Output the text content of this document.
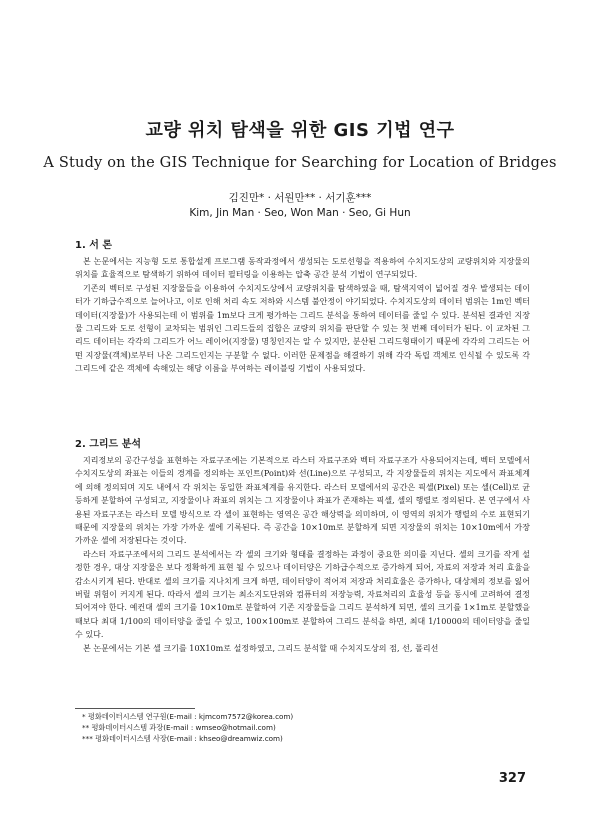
교량 위치 탐색을 위한 GIS 기법 연구
A Study on the GIS Technique for Searching for Location of Bridges
김진만* · 서원만** · 서기훈***
Kim, Jin Man · Seo, Won Man · Seo, Gi Hun
1. 서 론

본 논문에서는 지능형 도로 통합설계 프로그램 동작과정에서 생성되는 도로선형을 적용하여 수치지도상의 교량위치와 지장물의 위치를 효율적으로 탐색하기 위하여 데이터 필터링을 이용하는 압축 공간 분석 기법이 연구되었다.

기존의 벡터로 구성된 지장물들을 이용하여 수치지도상에서 교량위치를 탐색하였을 때, 탐색지역이 넓어질 경우 발생되는 데이터가 기하급수적으로 늘어나고, 이로 인해 처리 속도 저하와 시스템 불안정이 야기되었다. 수치지도상의 데이터 범위는 1m인 벡터 데이터(지장물)가 사용되는데 이 범위를 1m보다 크게 평가하는 그리드 분석을 통하여 데이터를 줄일 수 있다. 분석된 결과인 지장물 그리드와 도로 선형이 교차되는 범위인 그리드들의 집합은 교량의 위치를 판단할 수 있는 첫 번째 데이터가 된다. 이 교차된 그리드 데이터는 각각의 그리드가 어느 레이어(지장물) 명칭인지는 알 수 있지만, 분산된 그리드형태이기 때문에 각각의 그리드는 어떤 지장물(객체)로부터 나온 그리드인지는 구분할 수 없다. 이러한 문제점을 해결하기 위해 각각 독립 객체로 인식될 수 있도록 각 그리드에 같은 객체에 속해있는 해당 이름을 부여하는 레이블링 기법이 사용되었다.

2. 그리드 분석

지리정보의 공간구성을 표현하는 자료구조에는 기본적으로 라스터 자료구조와 벡터 자료구조가 사용되어지는데, 벡터 모델에서 수치지도상의 좌표는 이들의 경계를 정의하는 포인트(Point)와 선(Line)으로 구성되고, 각 지장물들의 위치는 지도에서 좌표체계에 의해 정의되며 지도 내에서 각 위치는 동일한 좌표체계를 유지한다. 라스터 모델에서의 공간은 픽셀(Pixel) 또는 셀(Cell)로 균등하게 분할하여 구성되고, 지장물이나 좌표의 위치는 그 지장물이나 좌표가 존재하는 픽셀, 셀의 행렬로 정의된다. 본 연구에서 사용된 자료구조는 라스터 모델 방식으로 각 셀이 표현하는 영역은 공간 해상력을 의미하며, 이 영역의 위치가 행렬의 수로 표현되기 때문에 지장물의 위치는 가장 가까운 셀에 기록된다. 즉 공간을 10×10m로 분할하게 되면 지장물의 위치는 10×10m에서 가장 가까운 셀에 저장된다는 것이다.

라스터 자료구조에서의 그리드 분석에서는 각 셀의 크기와 형태를 결정하는 과정이 중요한 의미를 지닌다. 셀의 크기를 작게 설정한 경우, 대상 지장물은 보다 정확하게 표현 될 수 있으나 데이터양은 기하급수적으로 증가하게 되어, 자료의 저장과 처리 효율을 감소시키게 된다. 반대로 셀의 크기를 지나치게 크게 하면, 데이터양이 적어져 저장과 처리효율은 증가하나, 대상체의 정보를 잃어버릴 위험이 커지게 된다. 따라서 셀의 크기는 최소지도단위와 컴퓨터의 저장능력, 자료처리의 효율성 등을 동시에 고려하여 결정되어져야 한다. 예컨대 셀의 크기를 10×10m로 분할하여 기존 지장물들을 그리드 분석하게 되면, 셀의 크기를 1×1m로 분할했을 때보다 최대 1/100의 데이터양을 줄일 수 있고, 100×100m로 분할하여 그리드 분석을 하면, 최대 1/10000의 데이터양을 줄일 수 있다.

본 논문에서는 기본 셀 크기를 10X10m로 설정하였고, 그리드 분석할 때 수치지도상의 점, 선, 폴리선

* 평화데이터시스템 연구원(E-mail : kjmcom7572@korea.com)
** 평화데이터시스템 과장(E-mail : wmseo@hotmail.com)
*** 평화데이터시스템 사장(E-mail : khseo@dreamwiz.com)
327
